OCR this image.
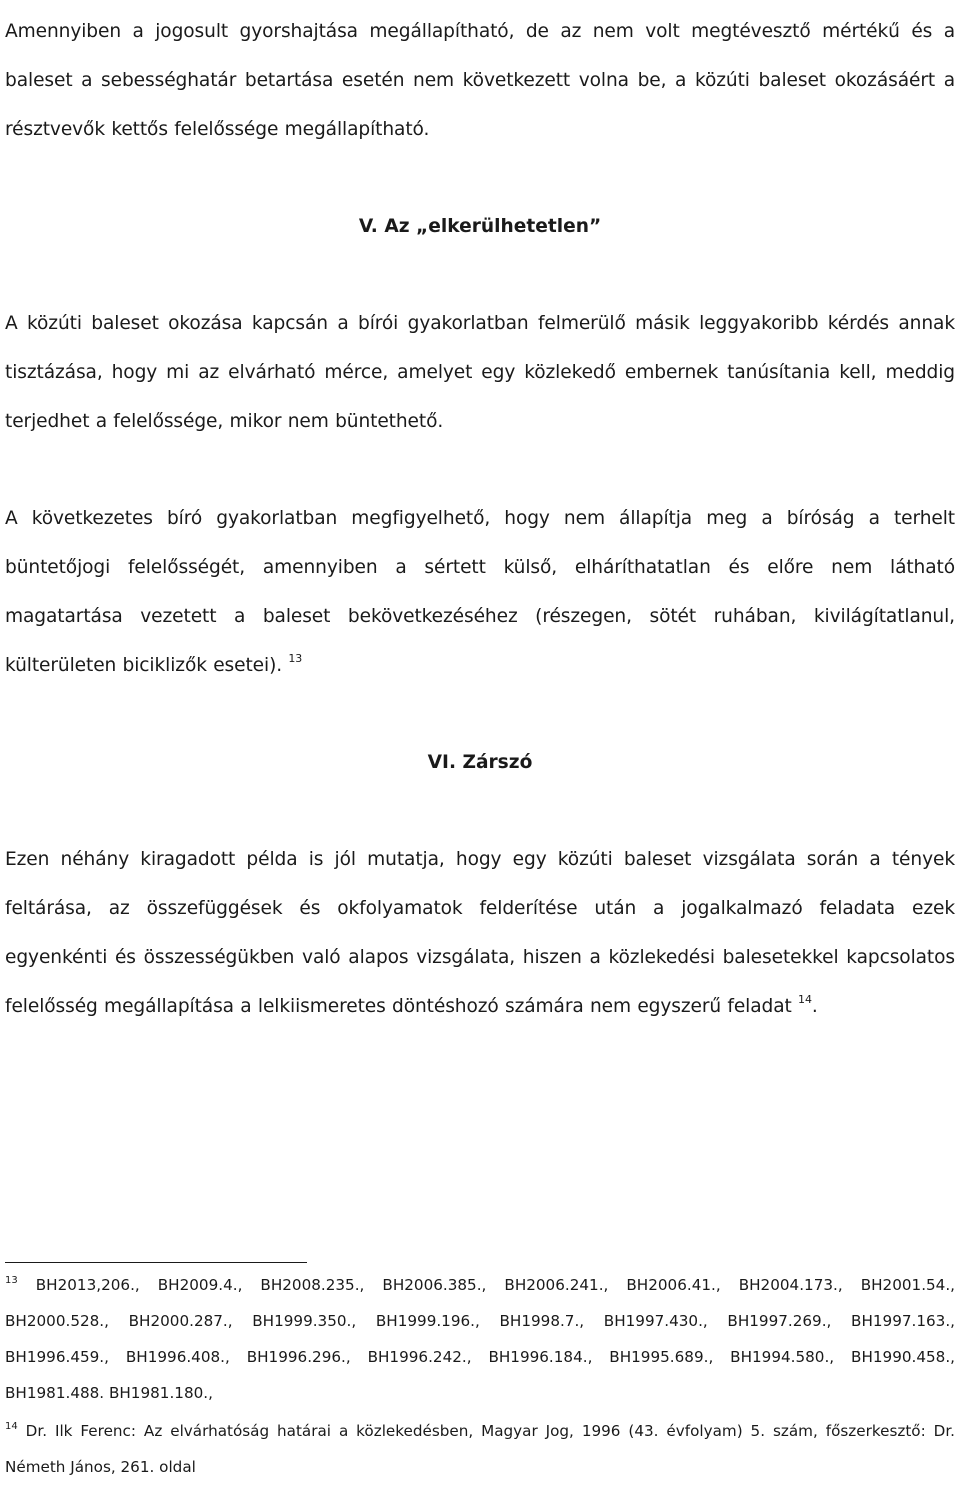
Amennyiben a jogosult gyorshajtása megállapítható, de az nem volt megtévesztő mértékű és a baleset a sebességhatár betartása esetén nem következett volna be, a közúti baleset okozásáért a résztvevők kettős felelőssége megállapítható.

V. Az „elkerülhetetlen”

A közúti baleset okozása kapcsán a bírói gyakorlatban felmerülő másik leggyakoribb kérdés annak tisztázása, hogy mi az elvárható mérce, amelyet egy közlekedő embernek tanúsítania kell, meddig terjedhet a felelőssége, mikor nem büntethető.

A következetes bíró gyakorlatban megfigyelhető, hogy nem állapítja meg a bíróság a terhelt büntetőjogi felelősségét, amennyiben a sértett külső, elháríthatatlan és előre nem látható magatartása vezetett a baleset bekövetkezéséhez (részegen, sötét ruhában, kivilágítatlanul, külterületen biciklizők esetei). $^{13}$

VI. Zárszó

Ezen néhány kiragadott példa is jól mutatja, hogy egy közúti baleset vizsgálata során a tények feltárása, az összefüggések és okfolyamatok felderítése után a jogalkalmazó feladata ezek egyenkénti és összességükben való alapos vizsgálata, hiszen a közlekedési balesetekkel kapcsolatos felelősség megállapítása a lelkiismeretes döntéshozó számára nem egyszerű feladat $^{14}$.

$^{13}$ BH2013,206., BH2009.4., BH2008.235., BH2006.385., BH2006.241., BH2006.41., BH2004.173., BH2001.54., BH2000.528., BH2000.287., BH1999.350., BH1999.196., BH1998.7., BH1997.430., BH1997.269., BH1997.163., BH1996.459., BH1996.408., BH1996.296., BH1996.242., BH1996.184., BH1995.689., BH1994.580., BH1990.458., BH1981.488. BH1981.180.,

$^{14}$ Dr. Ilk Ferenc: Az elvárhatóság határai a közlekedésben, Magyar Jog, 1996 (43. évfolyam) 5. szám, főszerkesztő: Dr. Németh János, 261. oldal
